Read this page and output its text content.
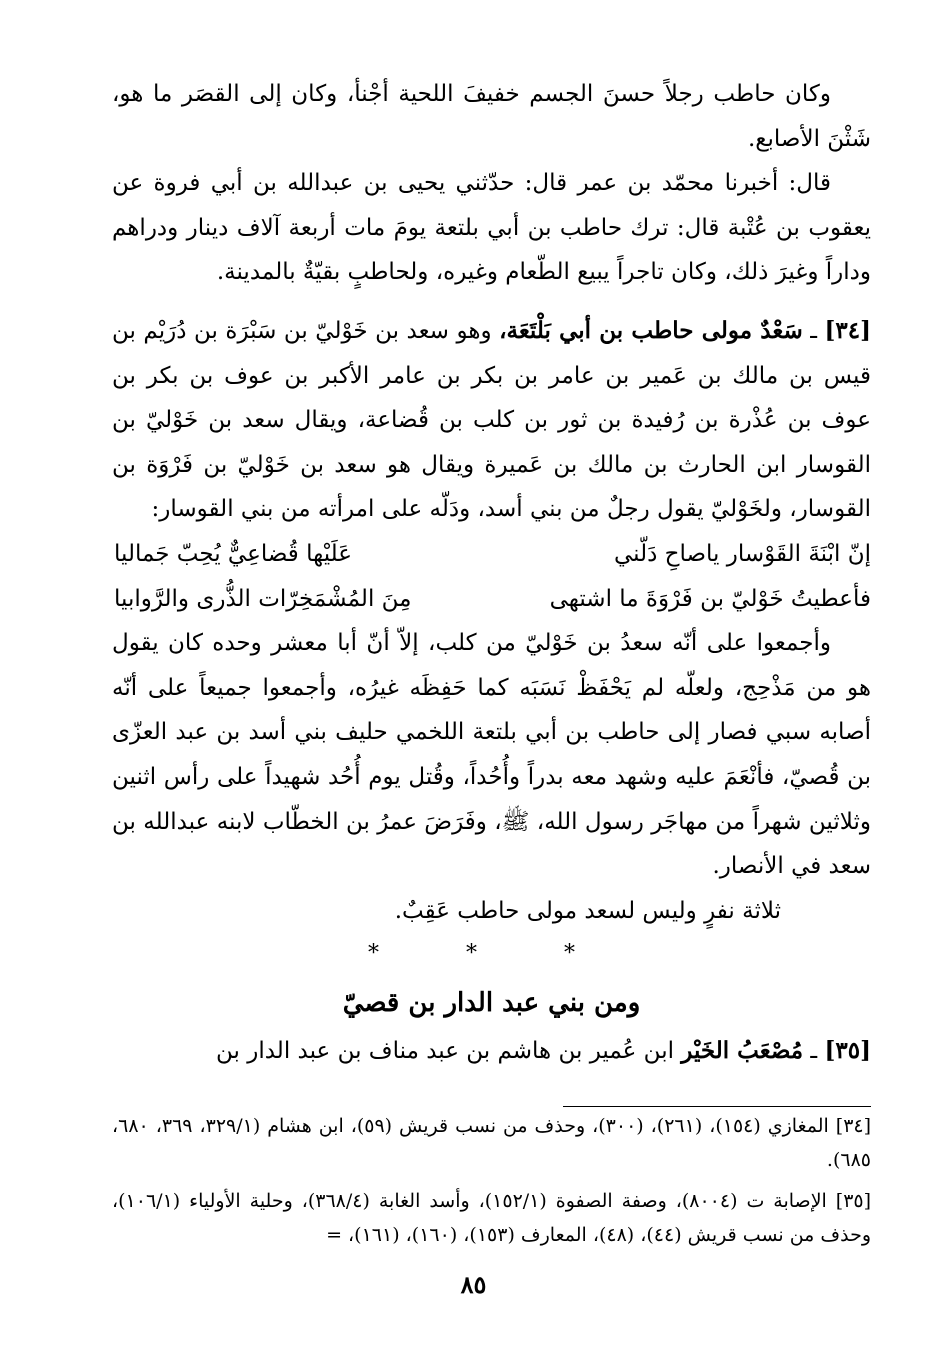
وكان حاطب رجلاً حسنَ الجسم خفيفَ اللحية أجْنأ، وكان إلى القصَر ما هو، شَثْنَ الأصابع.

قال: أخبرنا محمّد بن عمر قال: حدّثني يحيى بن عبدالله بن أبي فروة عن يعقوب بن عُتْبة قال: ترك حاطب بن أبي بلتعة يومَ مات أربعة آلاف دينار ودراهم وداراً وغيرَ ذلك، وكان تاجراً يبيع الطّعام وغيره، ولحاطبٍ بقيّةٌ بالمدينة.

[٣٤] ـ سَعْدٌ مولى حاطب بن أبي بَلْتَعَة، وهو سعد بن خَوْليّ بن سَبْرَة بن دُرَيْم بن قيس بن مالك بن عَمير بن عامر بن بكر بن عامر الأكبر بن عوف بن بكر بن عوف بن عُذْرة بن رُفيدة بن ثور بن كلب بن قُضاعة، ويقال سعد بن خَوْليّ بن القوسار ابن الحارث بن مالك بن عَميرة ويقال هو سعد بن خَوْليّ بن فَرْوَة بن القوسار، ولخَوْليّ يقول رجلٌ من بني أسد، ودَلّه على امرأته من بني القوسار:

إنّ ابْنَةَ القَوْسار ياصاحِ دَلّني
عَلَيْها قُضاعِيٌّ يُحِبّ جَماليا
فأعطيتُ خَوْليّ بن فَرْوَةَ ما اشتهى
مِنَ المُشْمَخِرّات الذُّرى والرَّوابيا

وأجمعوا على أنّه سعدُ بن خَوْليّ من كلب، إلاّ أنّ أبا معشر وحده كان يقول هو من مَذْحِج، ولعلّه لم يَحْفَظْ نَسَبَه كما حَفِظَه غيرُه، وأجمعوا جميعاً على أنّه أصابه سبي فصار إلى حاطب بن أبي بلتعة اللخمي حليف بني أسد بن عبد العزّى بن قُصيّ، فأنْعَمَ عليه وشهد معه بدراً وأُحُداً، وقُتل يوم أُحُد شهيداً على رأس اثنين وثلاثين شهراً من مهاجَر رسول الله، ﷺ، وفَرَضَ عمرُ بن الخطّاب لابنه عبدالله بن سعد في الأنصار.

ثلاثة نفرٍ وليس لسعد مولى حاطب عَقِبٌ.

* * *

ومن بني عبد الدار بن قصيّ

[٣٥] ـ مُصْعَبُ الخَيْر ابن عُمير بن هاشم بن عبد مناف بن عبد الدار بن

[٣٤] المغازي (١٥٤)، (٢٦١)، (٣٠٠)، وحذف من نسب قريش (٥٩)، ابن هشام (٣٢٩/١، ٣٦٩، ٦٨٠، ٦٨٥).

[٣٥] الإصابة ت (٨٠٠٤)، وصفة الصفوة (١٥٢/١)، وأسد الغابة (٣٦٨/٤)، وحلية الأولياء (١٠٦/١)، وحذف من نسب قريش (٤٤)، (٤٨)، المعارف (١٥٣)، (١٦٠)، (١٦١)، =

٨٥
